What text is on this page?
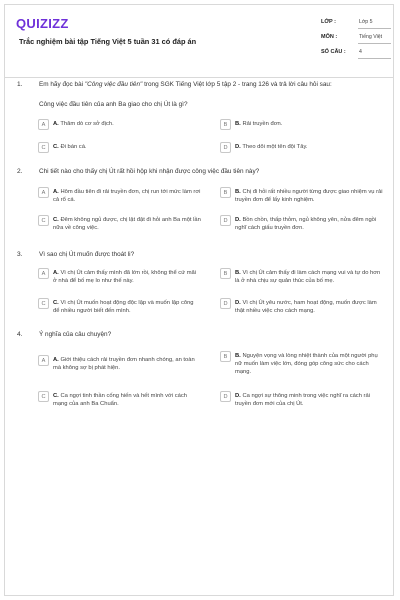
QUIZIZZ
Trắc nghiệm bài tập Tiếng Việt 5 tuần 31 có đáp án
LỚP :	Lớp 5
MÔN :	Tiếng Việt
SỐ CÂU :	4
1.	Em hãy đọc bài "Công việc đầu tiên" trong SGK Tiếng Việt lớp 5 tập 2 - trang 126 và trả lời câu hỏi sau:
Công việc đầu tiên của anh Ba giao cho chị Út là gì?
A	A. Thăm dò cơ sở địch.	B	B. Rải truyền đơn.
C	C. Đi bán cá.	D	D. Theo dõi một tên đội Tây.
2.	Chi tiết nào cho thấy chị Út rất hồi hộp khi nhận được công việc đầu tiên này?
A	A. Hôm đầu tiên đi rải truyền đơn, chị run tới mức làm rơi cả rổ cá.
B	B. Chị đi hỏi rất nhiều người từng được giao nhiệm vụ rải truyền đơn để lấy kinh nghiệm.
C	C. Đêm không ngủ được, chị lật đật đi hỏi anh Ba một lần nữa về công việc.
D	D. Bồn chồn, thấp thỏm, ngủ không yên, nửa đêm ngồi nghĩ cách giấu truyền đơn.
3.	Vì sao chị Út muốn được thoát li?
A	A. Vì chị Út cảm thấy mình đã lớn rồi, không thể cứ mãi ở nhà để bố mẹ lo như thế này.
B	B. Vì chị Út cảm thấy đi làm cách mạng vui và tự do hơn là ở nhà chịu sự quản thúc của bố mẹ.
C	C. Vì chị Út muốn hoạt động độc lập và muốn lập công để nhiều người biết đến mình.
D	D. Vì chị Út yêu nước, ham hoạt động, muốn được làm thật nhiều việc cho cách mạng.
4.	Ý nghĩa của câu chuyện?
A	A. Giới thiệu cách rải truyền đơn nhanh chóng, an toàn mà không sợ bị phát hiện.
B	B. Nguyện vọng và lòng nhiệt thành của một người phụ nữ muốn làm việc lớn, đóng góp công sức cho cách mạng.
C	C. Ca ngợi tinh thần cống hiến và hết mình với cách mạng của anh Ba Chuẩn.
D	D. Ca ngợi sự thông minh trong việc nghĩ ra cách rải truyền đơn mới của chị Út.
